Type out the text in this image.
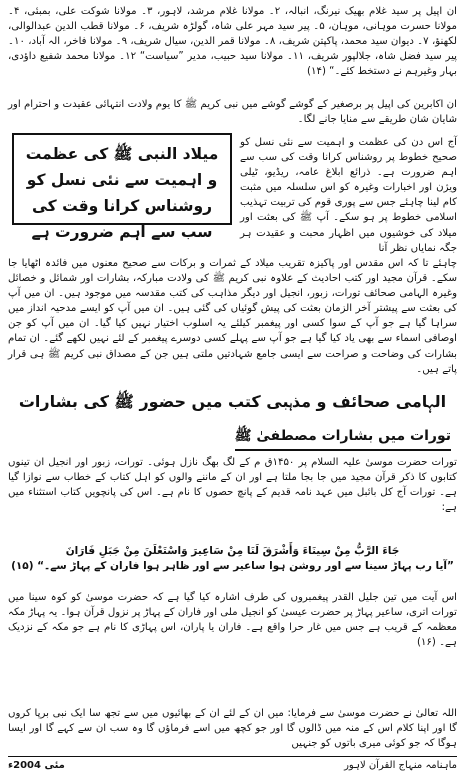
ان اپیل پر سید غلام بھیک نیرنگ، انبالہ، ۲۔ مولانا غلام مرشد، لاہور، ۳۔ مولانا شوکت علی، بمبئی، ۴۔ مولانا حسرت موہانی، موہان، ۵۔ پیر سید مہر علی شاہ، گولڑہ شریف، ۶۔ مولانا قطب الدین عبدالوالی، لکھنؤ، ۷۔ دیوان سید محمد، پاکپتن شریف، ۸۔ مولانا قمر الدین، سیال شریف، ۹۔ مولانا فاخر، الہ آباد، ۱۰۔ پیر سید فضل شاہ، جلالپور شریف، ۱۱۔ مولانا سید حبیب، مدیر ”سیاست“ ۱۲۔ مولانا محمد شفیع داؤدی، بہار وغیرہم نے دستخط کئے۔“ (۱۴)

ان اکابرین کی اپیل پر برصغیر کے گوشے گوشے میں نبی کریم ﷺ کا یوم ولادت انتہائی عقیدت و احترام اور شایان شان طریقے سے منایا جانے لگا۔

میلاد النبی ﷺ کی عظمت و اہمیت سے نئی نسل کو روشناس کرانا وقت کی سب سے اہم ضرورت ہے

آج اس دن کی عظمت و اہمیت سے نئی نسل کو صحیح خطوط پر روشناس کرانا وقت کی سب سے اہم ضرورت ہے۔ ذرائع ابلاغ عامہ، ریڈیو، ٹیلی ویژن اور اخبارات وغیرہ کو اس سلسلہ میں مثبت کام لینا چاہئے جس سے پوری قوم کی تربیت تہذیب اسلامی خطوط پر ہو سکے۔ آپ ﷺ کی بعثت اور میلاد کی خوشیوں میں اظہار محبت و عقیدت ہر جگہ نمایاں نظر آنا

چاہئے تا کہ اس مقدس اور پاکیزہ تقریب میلاد کے ثمرات و برکات سے صحیح معنوں میں فائدہ اٹھایا جا سکے۔ قرآن مجید اور کتب احادیث کے علاوہ نبی کریم ﷺ کی ولادت مبارکہ، بشارات اور شمائل و خصائل وغیرہ الہامی صحائف تورات، زبور، انجیل اور دیگر مذاہب کی کتب مقدسہ میں موجود ہیں۔ ان میں آپ کی بعثت سے پیشتر آخر الزمان بعثت کی پیش گوئیاں کی گئی ہیں۔ ان میں آپ کو ایسے مدحیہ انداز میں سراہا گیا ہے جو آپ کے سوا کسی اور پیغمبر کیلئے یہ اسلوب اختیار نہیں کیا گیا۔ ان میں آپ کو جن اوصافی اسماء سے بھی یاد کیا گیا ہے جو آپ سے پہلے کسی دوسرے پیغمبر کے لئے نہیں لکھے گئے۔ ان تمام بشارات کی وضاحت و صراحت سے ایسی جامع شہادتیں ملتی ہیں جن کے مصداق نبی کریم ﷺ ہی قرار پاتے ہیں۔

الہامی صحائف و مذہبی کتب میں حضور ﷺ کی بشارات
تورات میں بشارات مصطفیٰ ﷺ

تورات حضرت موسیٰ علیہ السلام پر ۱۴۵۰ق م کے لگ بھگ نازل ہوئی۔ تورات، زبور اور انجیل ان تینوں کتابوں کا ذکر قرآن مجید میں جا بجا ملتا ہے اور ان کے ماننے والوں کو اہل کتاب کے خطاب سے نوازا گیا ہے۔ تورات آج کل بائبل میں عہد نامہ قدیم کے پانچ حصوں کا نام ہے۔ اس کی پانچویں کتاب استثناء میں ہے:

جَاءَ الرَّبُّ مِنْ سِينَاءَ وَأَشْرَقَ لَنَا مِنْ سَاعِيرَ وَاسْتَعْلَنَ مِنْ جَبَلِ فَارَانَ
”آیا رب پہاڑ سینا سے اور روشن ہوا ساعیر سے اور ظاہر ہوا فاران کے پہاڑ سے۔“ (۱۵)

اس آیت میں تین جلیل القدر پیغمبروں کی طرف اشارہ کیا گیا ہے کہ حضرت موسیٰ کو کوہ سینا میں تورات اتری، ساعیر پہاڑ پر حضرت عیسیٰ کو انجیل ملی اور فاران کے پہاڑ پر نزول قرآن ہوا۔ یہ پہاڑ مکہ معظمہ کے قریب ہے جس میں غار حرا واقع ہے۔ فاران یا پاران، اس پہاڑی کا نام ہے جو مکہ کے نزدیک ہے۔ (۱۶)

اللہ تعالیٰ نے حضرت موسیٰ سے فرمایا: میں ان کے لئے ان کے بھائیوں میں سے تجھ سا ایک نبی برپا کروں گا اور اپنا کلام اس کے منہ میں ڈالوں گا اور جو کچھ میں اسے فرماؤں گا وہ سب ان سے کہے گا اور ایسا ہوگا کہ جو کوئی میری باتوں کو جنہیں

ماہنامہ منہاج القرآن لاہور
مئی 2004ء
